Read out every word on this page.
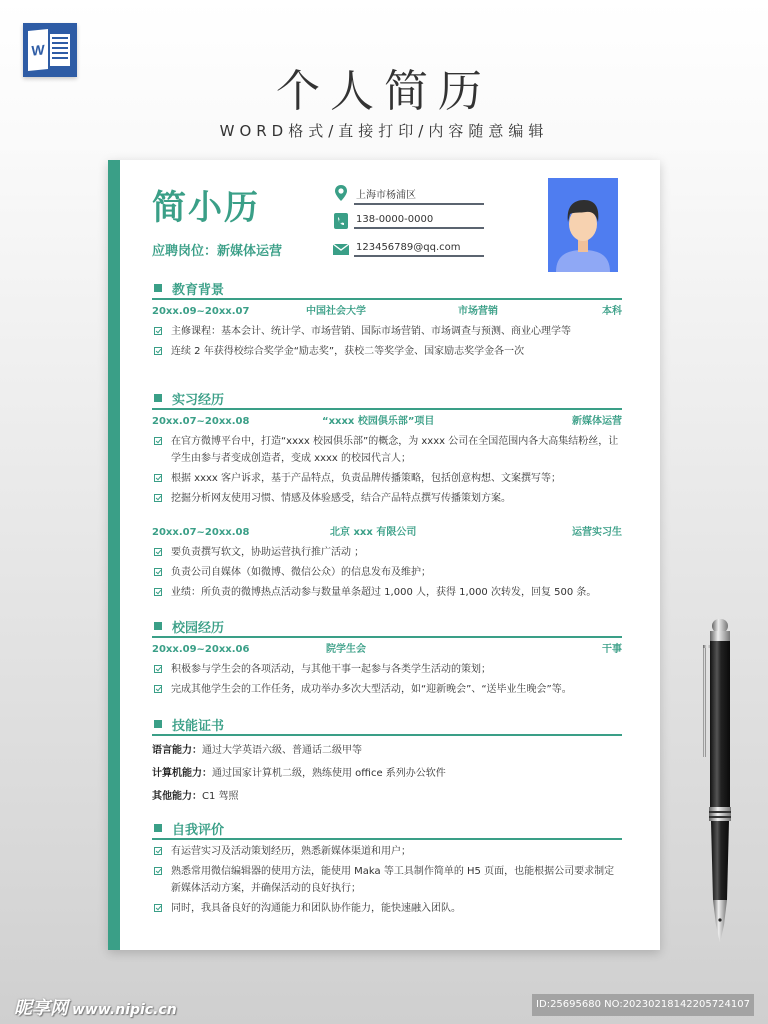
W
个人简历
WORD格式/直接打印/内容随意编辑
简小历
应聘岗位：新媒体运营
上海市杨浦区
138-0000-0000
123456789@qq.com
教育背景
20xx.09~20xx.07	中国社会大学	市场营销	本科
主修课程：基本会计、统计学、市场营销、国际市场营销、市场调查与预测、商业心理学等
连续 2 年获得校综合奖学金“励志奖”，获校二等奖学金、国家励志奖学金各一次
实习经历
20xx.07~20xx.08	“xxxx 校园俱乐部”项目	新媒体运营
在官方微博平台中，打造“xxxx 校园俱乐部”的概念，为 xxxx 公司在全国范围内各大高集结粉丝，让学生由参与者变成创造者，变成 xxxx 的校园代言人；
根据 xxxx 客户诉求，基于产品特点，负责品牌传播策略，包括创意构想、文案撰写等；
挖掘分析网友使用习惯、情感及体验感受，结合产品特点撰写传播策划方案。
20xx.07~20xx.08	北京 xxx 有限公司	运营实习生
要负责撰写软文，协助运营执行推广活动 ；
负责公司自媒体（如微博、微信公众）的信息发布及维护；
业绩：所负责的微博热点活动参与数量单条超过 1,000 人，获得 1,000 次转发，回复 500 条。
校园经历
20xx.09~20xx.06	院学生会	干事
积极参与学生会的各项活动，与其他干事一起参与各类学生活动的策划；
完成其他学生会的工作任务，成功举办多次大型活动，如“迎新晚会”、“送毕业生晚会”等。
技能证书
语言能力：通过大学英语六级、普通话二级甲等
计算机能力：通过国家计算机二级，熟练使用 office 系列办公软件
其他能力：C1 驾照
自我评价
有运营实习及活动策划经历，熟悉新媒体渠道和用户；
熟悉常用微信编辑器的使用方法，能使用 Maka 等工具制作简单的 H5 页面，也能根据公司要求制定新媒体活动方案，并确保活动的良好执行；
同时，我具备良好的沟通能力和团队协作能力，能快速融入团队。
昵享网 www.nipic.cn	ID:25695680 NO:20230218142205724107
